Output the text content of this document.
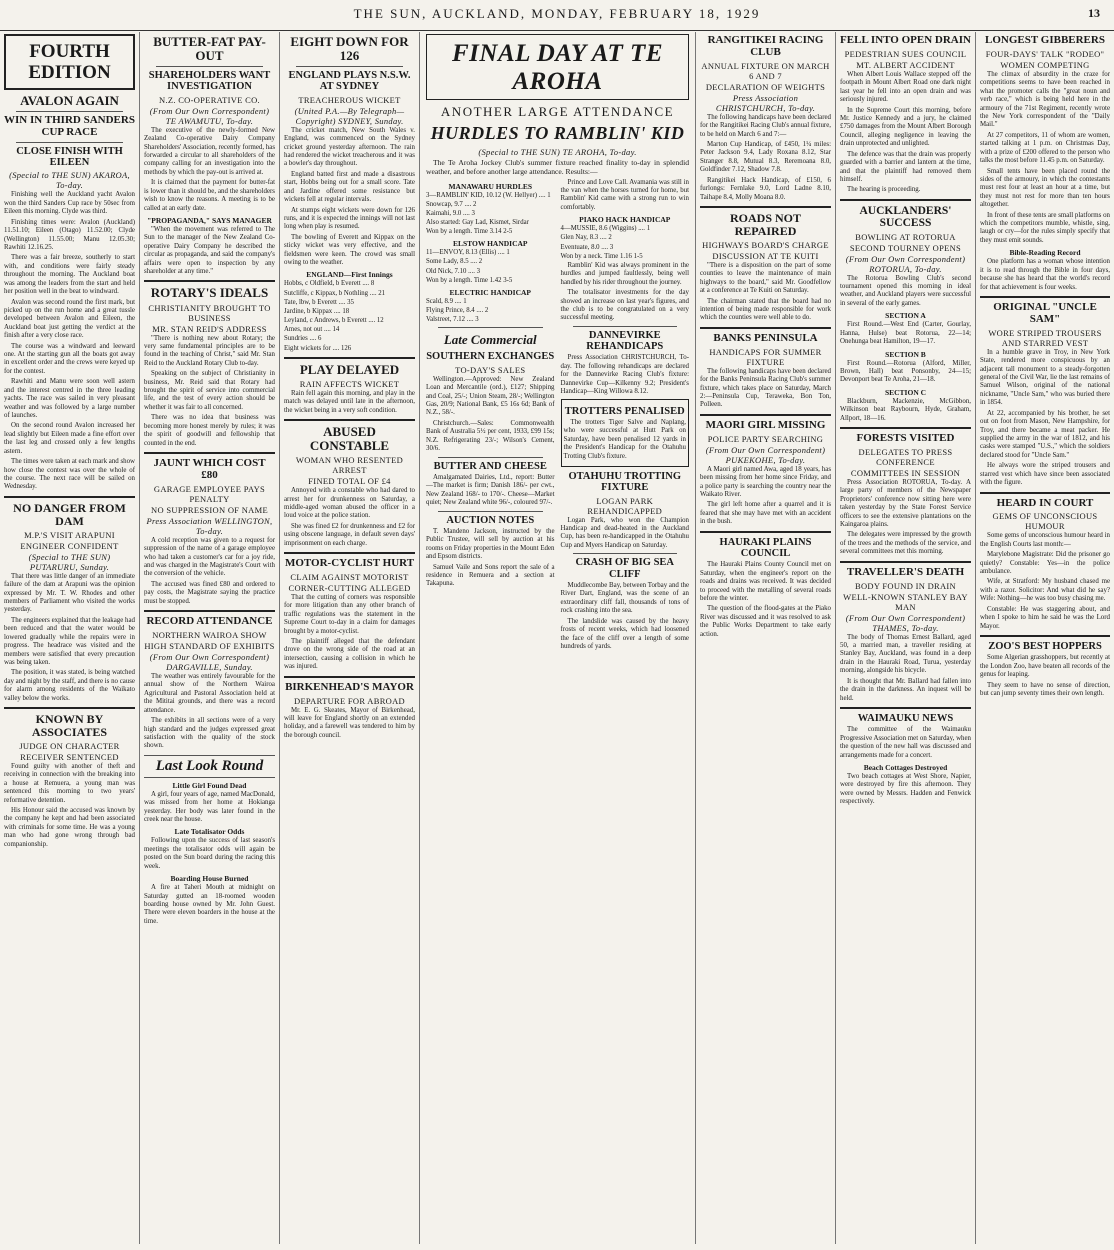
THE SUN, AUCKLAND, MONDAY, FEBRUARY 18, 1929	13
FOURTH EDITION
AVALON AGAIN
WIN IN THIRD SANDERS CUP RACE
CLOSE FINISH WITH EILEEN
(Special to THE SUN) AKAROA, To-day.

Finishing well the Auckland yacht Avalon won the third Sanders Cup race by 50sec from Eileen this morning. Clyde was third.

Finishing times were: Avalon (Auckland) 11.51.10; Eileen (Otago) 11.52.00; Clyde (Wellington) 11.55.00; Manu 12.05.30; Rawhiti 12.16.25.

There was a fair breeze, southerly to start with, and conditions were fairly steady throughout the morning. The Auckland boat was among the leaders from the start and held her position well in the beat to windward.

Avalon was second round the first mark, but picked up on the run home and a great tussle developed between Avalon and Eileen, the Auckland boat just getting the verdict at the finish after a very close race.

The course was a windward and leeward one. At the starting gun all the boats got away in excellent order and the crews were keyed up for the contest.

Rawhiti and Manu were soon well astern and the interest centred in the three leading yachts. The race was sailed in very pleasant weather and was followed by a large number of launches.

On the second round Avalon increased her lead slightly but Eileen made a fine effort over the last leg and crossed only a few lengths astern.

The times were taken at each mark and show how close the contest was over the whole of the course. The next race will be sailed on Wednesday.

NO DANGER FROM DAM
M.P.'S VISIT ARAPUNI
ENGINEER CONFIDENT
(Special to THE SUN) PUTARURU, Sunday.

That there was little danger of an immediate failure of the dam at Arapuni was the opinion expressed by Mr. T. W. Rhodes and other members of Parliament who visited the works yesterday.

The engineers explained that the leakage had been reduced and that the water would be lowered gradually while the repairs were in progress. The headrace was visited and the members were satisfied that every precaution was being taken.

The position, it was stated, is being watched day and night by the staff, and there is no cause for alarm among residents of the Waikato valley below the works.

KNOWN BY ASSOCIATES
JUDGE ON CHARACTER
RECEIVER SENTENCED

Found guilty with another of theft and receiving in connection with the breaking into a house at Remuera, a young man was sentenced this morning to two years' reformative detention.

His Honour said the accused was known by the company he kept and had been associated with criminals for some time. He was a young man who had gone wrong through bad companionship.

BUTTER-FAT PAY-OUT
SHAREHOLDERS WANT INVESTIGATION
N.Z. CO-OPERATIVE CO.
(From Our Own Correspondent) TE AWAMUTU, To-day.

The executive of the newly-formed New Zealand Co-operative Dairy Company Shareholders' Association, recently formed, has forwarded a circular to all shareholders of the company calling for an investigation into the methods by which the pay-out is arrived at.

It is claimed that the payment for butter-fat is lower than it should be, and the shareholders wish to know the reasons. A meeting is to be called at an early date.

"PROPAGANDA," SAYS MANAGER

"When the movement was referred to The Sun to the manager of the New Zealand Co-operative Dairy Company he described the circular as propaganda, and said the company's affairs were open to inspection by any shareholder at any time."

ROTARY'S IDEALS
CHRISTIANITY BROUGHT TO BUSINESS
MR. STAN REID'S ADDRESS

"There is nothing new about Rotary; the very same fundamental principles are to be found in the teaching of Christ," said Mr. Stan Reid to the Auckland Rotary Club to-day.

Speaking on the subject of Christianity in business, Mr. Reid said that Rotary had brought the spirit of service into commercial life, and the test of every action should be whether it was fair to all concerned.

There was no idea that business was becoming more honest merely by rules; it was the spirit of goodwill and fellowship that counted in the end.

JAUNT WHICH COST £80
GARAGE EMPLOYEE PAYS PENALTY
NO SUPPRESSION OF NAME
Press Association WELLINGTON, To-day.

A cold reception was given to a request for suppression of the name of a garage employee who had taken a customer's car for a joy ride, and was charged in the Magistrate's Court with the conversion of the vehicle.

The accused was fined £80 and ordered to pay costs, the Magistrate saying the practice must be stopped.

RECORD ATTENDANCE
NORTHERN WAIROA SHOW
HIGH STANDARD OF EXHIBITS
(From Our Own Correspondent) DARGAVILLE, Sunday.

The weather was entirely favourable for the annual show of the Northern Wairoa Agricultural and Pastoral Association held at the Mititai grounds, and there was a record attendance.

The exhibits in all sections were of a very high standard and the judges expressed great satisfaction with the quality of the stock shown.

Last Look Round
Little Girl Found Dead

A girl, four years of age, named MacDonald, was missed from her home at Hokianga yesterday. Her body was later found in the creek near the house.

Late Totalisator Odds

Following upon the success of last season's meetings the totalisator odds will again be posted on the Sun board during the racing this week.

Boarding House Burned

A fire at Taheri Mouth at midnight on Saturday gutted an 18-roomed wooden boarding house owned by Mr. John Guest. There were eleven boarders in the house at the time.

EIGHT DOWN FOR 126
ENGLAND PLAYS N.S.W. AT SYDNEY
TREACHEROUS WICKET
(United P.A.—By Telegraph—Copyright) SYDNEY, Sunday.

The cricket match, New South Wales v. England, was commenced on the Sydney cricket ground yesterday afternoon. The rain had rendered the wicket treacherous and it was a bowler's day throughout.

England batted first and made a disastrous start, Hobbs being out for a small score. Tate and Jardine offered some resistance but wickets fell at regular intervals.

At stumps eight wickets were down for 126 runs, and it is expected the innings will not last long when play is resumed.

The bowling of Everett and Kippax on the sticky wicket was very effective, and the fieldsmen were keen. The crowd was small owing to the weather.

ENGLAND—First Innings
Hobbs, c Oldfield, b Everett .... 8
Sutcliffe, c Kippax, b Nothling .... 21
Tate, lbw, b Everett .... 35
Jardine, b Kippax .... 18
Leyland, c Andrews, b Everett .... 12
Ames, not out .... 14
Sundries .... 6
Eight wickets for .... 126
PLAY DELAYED
RAIN AFFECTS WICKET

Rain fell again this morning, and play in the match was delayed until late in the afternoon, the wicket being in a very soft condition.

ABUSED CONSTABLE
WOMAN WHO RESENTED ARREST
FINED TOTAL OF £4

Annoyed with a constable who had dared to arrest her for drunkenness on Saturday, a middle-aged woman abused the officer in a loud voice at the police station.

She was fined £2 for drunkenness and £2 for using obscene language, in default seven days' imprisonment on each charge.

MOTOR-CYCLIST HURT
CLAIM AGAINST MOTORIST
CORNER-CUTTING ALLEGED

That the cutting of corners was responsible for more litigation than any other branch of traffic regulations was the statement in the Supreme Court to-day in a claim for damages brought by a motor-cyclist.

The plaintiff alleged that the defendant drove on the wrong side of the road at an intersection, causing a collision in which he was injured.

BIRKENHEAD'S MAYOR
DEPARTURE FOR ABROAD

Mr. E. G. Skeates, Mayor of Birkenhead, will leave for England shortly on an extended holiday, and a farewell was tendered to him by the borough council.

FINAL DAY AT TE AROHA
ANOTHER LARGE ATTENDANCE
HURDLES TO RAMBLIN' KID
(Special to THE SUN) TE AROHA, To-day.

The Te Aroha Jockey Club's summer fixture reached finality to-day in splendid weather, and before another large attendance. Results:—

MANAWARU HURDLES
3—RAMBLIN' KID, 10.12 (W. Hellyer) .... 1
Snowcap, 9.7 .... 2
Kaimahi, 9.0 .... 3
Also started: Gay Lad, Kismet, Sirdar
Won by a length. Time 3.14 2-5
ELSTOW HANDICAP
11—ENVOY, 8.13 (Ellis) .... 1
Some Lady, 8.5 .... 2
Old Nick, 7.10 .... 3
Won by a length. Time 1.42 3-5
ELECTRIC HANDICAP
Scald, 8.9 .... 1
Flying Prince, 8.4 .... 2
Valstreet, 7.12 .... 3
Late Commercial
SOUTHERN EXCHANGES
TO-DAY'S SALES

Wellington.—Approved: New Zealand Loan and Mercantile (ord.), £127; Shipping and Coal, 25/-; Union Steam, 28/-; Wellington Gas, 20/9; National Bank, £5 16s 6d; Bank of N.Z., 58/-.

Christchurch.—Sales: Commonwealth Bank of Australia 5½ per cent, 1933, £99 15s; N.Z. Refrigerating 23/-; Wilson's Cement, 30/6.

BUTTER AND CHEESE

Amalgamated Dairies, Ltd., report: Butter—The market is firm; Danish 186/- per cwt., New Zealand 168/- to 170/-. Cheese—Market quiet; New Zealand white 96/-, coloured 97/-.

AUCTION NOTES

T. Mandeno Jackson, instructed by the Public Trustee, will sell by auction at his rooms on Friday properties in the Mount Eden and Epsom districts.

Samuel Vaile and Sons report the sale of a residence in Remuera and a section at Takapuna.

Prince and Love Call. Avamania was still in the van when the horses turned for home, but Ramblin' Kid came with a strong run to win comfortably.

PIAKO HACK HANDICAP
4—MUSSIE, 8.6 (Wiggins) .... 1
Glen Nay, 8.3 .... 2
Eventuate, 8.0 .... 3
Won by a neck. Time 1.16 1-5

Ramblin' Kid was always prominent in the hurdles and jumped faultlessly, being well handled by his rider throughout the journey.

The totalisator investments for the day showed an increase on last year's figures, and the club is to be congratulated on a very successful meeting.

DANNEVIRKE REHANDICAPS

Press Association CHRISTCHURCH, To-day. The following rehandicaps are declared for the Dannevirke Racing Club's fixture: Dannevirke Cup—Kilkenny 9.2; President's Handicap—King Willowa 8.12.

TROTTERS PENALISED

The trotters Tiger Salve and Naplang, who were successful at Hutt Park on Saturday, have been penalised 12 yards in the President's Handicap for the Otahuhu Trotting Club's fixture.

OTAHUHU TROTTING FIXTURE
LOGAN PARK REHANDICAPPED

Logan Park, who won the Champion Handicap and dead-heated in the Auckland Cup, has been re-handicapped in the Otahuhu Cup and Myers Handicap on Saturday.

CRASH OF BIG SEA CLIFF

Muddlecombe Bay, between Torbay and the River Dart, England, was the scene of an extraordinary cliff fall, thousands of tons of rock crashing into the sea.

The landslide was caused by the heavy frosts of recent weeks, which had loosened the face of the cliff over a length of some hundreds of yards.

RANGITIKEI RACING CLUB
ANNUAL FIXTURE ON MARCH 6 AND 7
DECLARATION OF WEIGHTS
Press Association CHRISTCHURCH, To-day.

The following handicaps have been declared for the Rangitikei Racing Club's annual fixture, to be held on March 6 and 7:—

Marton Cup Handicap, of £450, 1¼ miles: Peter Jackson 9.4, Lady Roxana 8.12, Star Stranger 8.8, Mutual 8.3, Reremoana 8.0, Goldfinder 7.12, Shadow 7.8.

Rangitikei Hack Handicap, of £150, 6 furlongs: Fernlake 9.0, Lord Ladne 8.10, Taihape 8.4, Molly Moana 8.0.

ROADS NOT REPAIRED
HIGHWAYS BOARD'S CHARGE
DISCUSSION AT TE KUITI

"There is a disposition on the part of some counties to leave the maintenance of main highways to the board," said Mr. Goodfellow at a conference at Te Kuiti on Saturday.

The chairman stated that the board had no intention of being made responsible for work which the counties were well able to do.

BANKS PENINSULA
HANDICAPS FOR SUMMER FIXTURE

The following handicaps have been declared for the Banks Peninsula Racing Club's summer fixture, which takes place on Saturday, March 2:—Peninsula Cup, Teraweka, Bon Ton, Polleen.

MAORI GIRL MISSING
POLICE PARTY SEARCHING
(From Our Own Correspondent) PUKEKOHE, To-day.

A Maori girl named Awa, aged 18 years, has been missing from her home since Friday, and a police party is searching the country near the Waikato River.

The girl left home after a quarrel and it is feared that she may have met with an accident in the bush.

HAURAKI PLAINS COUNCIL

The Hauraki Plains County Council met on Saturday, when the engineer's report on the roads and drains was received. It was decided to proceed with the metalling of several roads before the winter.

The question of the flood-gates at the Piako River was discussed and it was resolved to ask the Public Works Department to take early action.

FELL INTO OPEN DRAIN
PEDESTRIAN SUES COUNCIL
MT. ALBERT ACCIDENT

When Albert Louis Wallace stepped off the footpath in Mount Albert Road one dark night last year he fell into an open drain and was seriously injured.

In the Supreme Court this morning, before Mr. Justice Kennedy and a jury, he claimed £750 damages from the Mount Albert Borough Council, alleging negligence in leaving the drain unprotected and unlighted.

The defence was that the drain was properly guarded with a barrier and lantern at the time, and that the plaintiff had removed them himself.

The hearing is proceeding.

AUCKLANDERS' SUCCESS
BOWLING AT ROTORUA
SECOND TOURNEY OPENS
(From Our Own Correspondent) ROTORUA, To-day.

The Rotorua Bowling Club's second tournament opened this morning in ideal weather, and Auckland players were successful in several of the early games.

SECTION A

First Round.—West End (Carter, Gourlay, Hanna, Hulse) beat Rotorua, 22—14; Onehunga beat Hamilton, 19—17.

SECTION B

First Round.—Rotorua (Alford, Miller, Brown, Hall) beat Ponsonby, 24—15; Devonport beat Te Aroha, 21—18.

SECTION C

Blackburn, Mackenzie, McGibbon, Wilkinson beat Raybourn, Hyde, Graham, Allport, 18—16.

FORESTS VISITED
DELEGATES TO PRESS CONFERENCE
COMMITTEES IN SESSION

Press Association ROTORUA, To-day. A large party of members of the Newspaper Proprietors' conference now sitting here were taken yesterday by the State Forest Service officers to see the extensive plantations on the Kaingaroa plains.

The delegates were impressed by the growth of the trees and the methods of the service, and several committees met this morning.

TRAVELLER'S DEATH
BODY FOUND IN DRAIN
WELL-KNOWN STANLEY BAY MAN
(From Our Own Correspondent) THAMES, To-day.

The body of Thomas Ernest Ballard, aged 50, a married man, a traveller residing at Stanley Bay, Auckland, was found in a deep drain in the Hauraki Road, Turua, yesterday morning, alongside his bicycle.

It is thought that Mr. Ballard had fallen into the drain in the darkness. An inquest will be held.

WAIMAUKU NEWS

The committee of the Waimauku Progressive Association met on Saturday, when the question of the new hall was discussed and arrangements made for a concert.

Beach Cottages Destroyed

Two beach cottages at West Shore, Napier, were destroyed by fire this afternoon. They were owned by Messrs. Hadden and Fenwick respectively.

LONGEST GIBBERERS
FOUR-DAYS' TALK "RODEO"
WOMEN COMPETING

The climax of absurdity in the craze for competitions seems to have been reached in what the promoter calls the "great noun and verb race," which is being held here in the armoury of the 71st Regiment, recently wrote the New York correspondent of the "Daily Mail."

At 27 competitors, 11 of whom are women, started talking at 1 p.m. on Christmas Day, with a prize of £200 offered to the person who talks the most before 11.45 p.m. on Saturday.

Small tents have been placed round the sides of the armoury, in which the contestants must rest four at least an hour at a time, but they must not rest for more than ten hours altogether.

In front of these tents are small platforms on which the competitors mumble, whistle, sing, laugh or cry—for the rules simply specify that they must emit sounds.

Bible-Reading Record

One platform has a woman whose intention it is to read through the Bible in four days, because she has heard that the world's record for that achievement is four weeks.

ORIGINAL "UNCLE SAM"
WORE STRIPED TROUSERS AND STARRED VEST

In a humble grave in Troy, in New York State, rendered more conspicuous by an adjacent tall monument to a steady-forgotten general of the Civil War, lie the last remains of Samuel Wilson, original of the national nickname, "Uncle Sam," who was buried there in 1854.

At 22, accompanied by his brother, he set out on foot from Mason, New Hampshire, for Troy, and there became a meat packer. He supplied the army in the war of 1812, and his casks were stamped "U.S.," which the soldiers declared stood for "Uncle Sam."

He always wore the striped trousers and starred vest which have since been associated with the figure.

HEARD IN COURT
GEMS OF UNCONSCIOUS HUMOUR

Some gems of unconscious humour heard in the English Courts last month:—

Marylebone Magistrate: Did the prisoner go quietly? Constable: Yes—in the police ambulance.

Wife, at Stratford: My husband chased me with a razor. Solicitor: And what did he say? Wife: Nothing—he was too busy chasing me.

Constable: He was staggering about, and when I spoke to him he said he was the Lord Mayor.

ZOO'S BEST HOPPERS

Some Algerian grasshoppers, but recently at the London Zoo, have beaten all records of the genus for leaping.

They seem to have no sense of direction, but can jump seventy times their own length.
